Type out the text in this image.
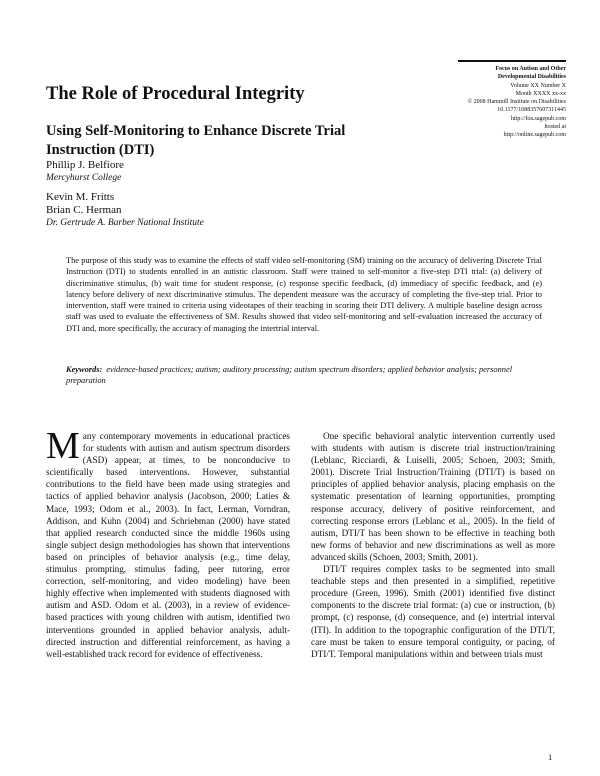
Focus on Autism and Other Developmental Disabilities
Volume XX Number X
Month XXXX xx-xx
© 2008 Hammill Institute on Disabilities
10.1177/1088357607311445
http://foa.sagepub.com
hosted at
http://online.sagepub.com
The Role of Procedural Integrity
Using Self-Monitoring to Enhance Discrete Trial Instruction (DTI)
Phillip J. Belfiore
Mercyhurst College
Kevin M. Fritts
Brian C. Herman
Dr. Gertrude A. Barber National Institute

The purpose of this study was to examine the effects of staff video self-monitoring (SM) training on the accuracy of delivering Discrete Trial Instruction (DTI) to students enrolled in an autistic classroom. Staff were trained to self-monitor a five-step DTI trial: (a) delivery of discriminative stimulus, (b) wait time for student response, (c) response specific feedback, (d) immediacy of specific feedback, and (e) latency before delivery of next discriminative stimulus. The dependent measure was the accuracy of completing the five-step trial. Prior to intervention, staff were trained to criteria using videotapes of their teaching in scoring their DTI delivery. A multiple baseline design across staff was used to evaluate the effectiveness of SM. Results showed that video self-monitoring and self-evaluation increased the accuracy of DTI and, more specifically, the accuracy of managing the intertrial interval.

Keywords: evidence-based practices; autism; auditory processing; autism spectrum disorders; applied behavior analysis; personnel preparation

Many contemporary movements in educational practices for students with autism and autism spectrum disorders (ASD) appear, at times, to be nonconducive to scientifically based interventions. However, substantial contributions to the field have been made using strategies and tactics of applied behavior analysis (Jacobson, 2000; Laties & Mace, 1993; Odom et al., 2003). In fact, Lerman, Vorndran, Addison, and Kuhn (2004) and Schriebman (2000) have stated that applied research conducted since the middle 1960s using single subject design methodologies has shown that interventions based on principles of behavior analysis (e.g., time delay, stimulus prompting, stimulus fading, peer tutoring, error correction, self-monitoring, and video modeling) have been highly effective when implemented with students diagnosed with autism and ASD. Odom et al. (2003), in a review of evidence-based practices with young children with autism, identified two interventions grounded in applied behavior analysis, adult-directed instruction and differential reinforcement, as having a well-established track record for evidence of effectiveness.

One specific behavioral analytic intervention currently used with students with autism is discrete trial instruction/training (Leblanc, Ricciardi, & Luiselli, 2005; Schoen, 2003; Smith, 2001). Discrete Trial Instruction/Training (DTI/T) is based on principles of applied behavior analysis, placing emphasis on the systematic presentation of learning opportunities, prompting response accuracy, delivery of positive reinforcement, and correcting response errors (Leblanc et al., 2005). In the field of autism, DTI/T has been shown to be effective in teaching both new forms of behavior and new discriminations as well as more advanced skills (Schoen, 2003; Smith, 2001).

DTI/T requires complex tasks to be segmented into small teachable steps and then presented in a simplified, repetitive procedure (Green, 1996). Smith (2001) identified five distinct components to the discrete trial format: (a) cue or instruction, (b) prompt, (c) response, (d) consequence, and (e) intertrial interval (ITI). In addition to the topographic configuration of the DTI/T, care must be taken to ensure temporal contiguity, or pacing, of DTI/T. Temporal manipulations within and between trials must

1
